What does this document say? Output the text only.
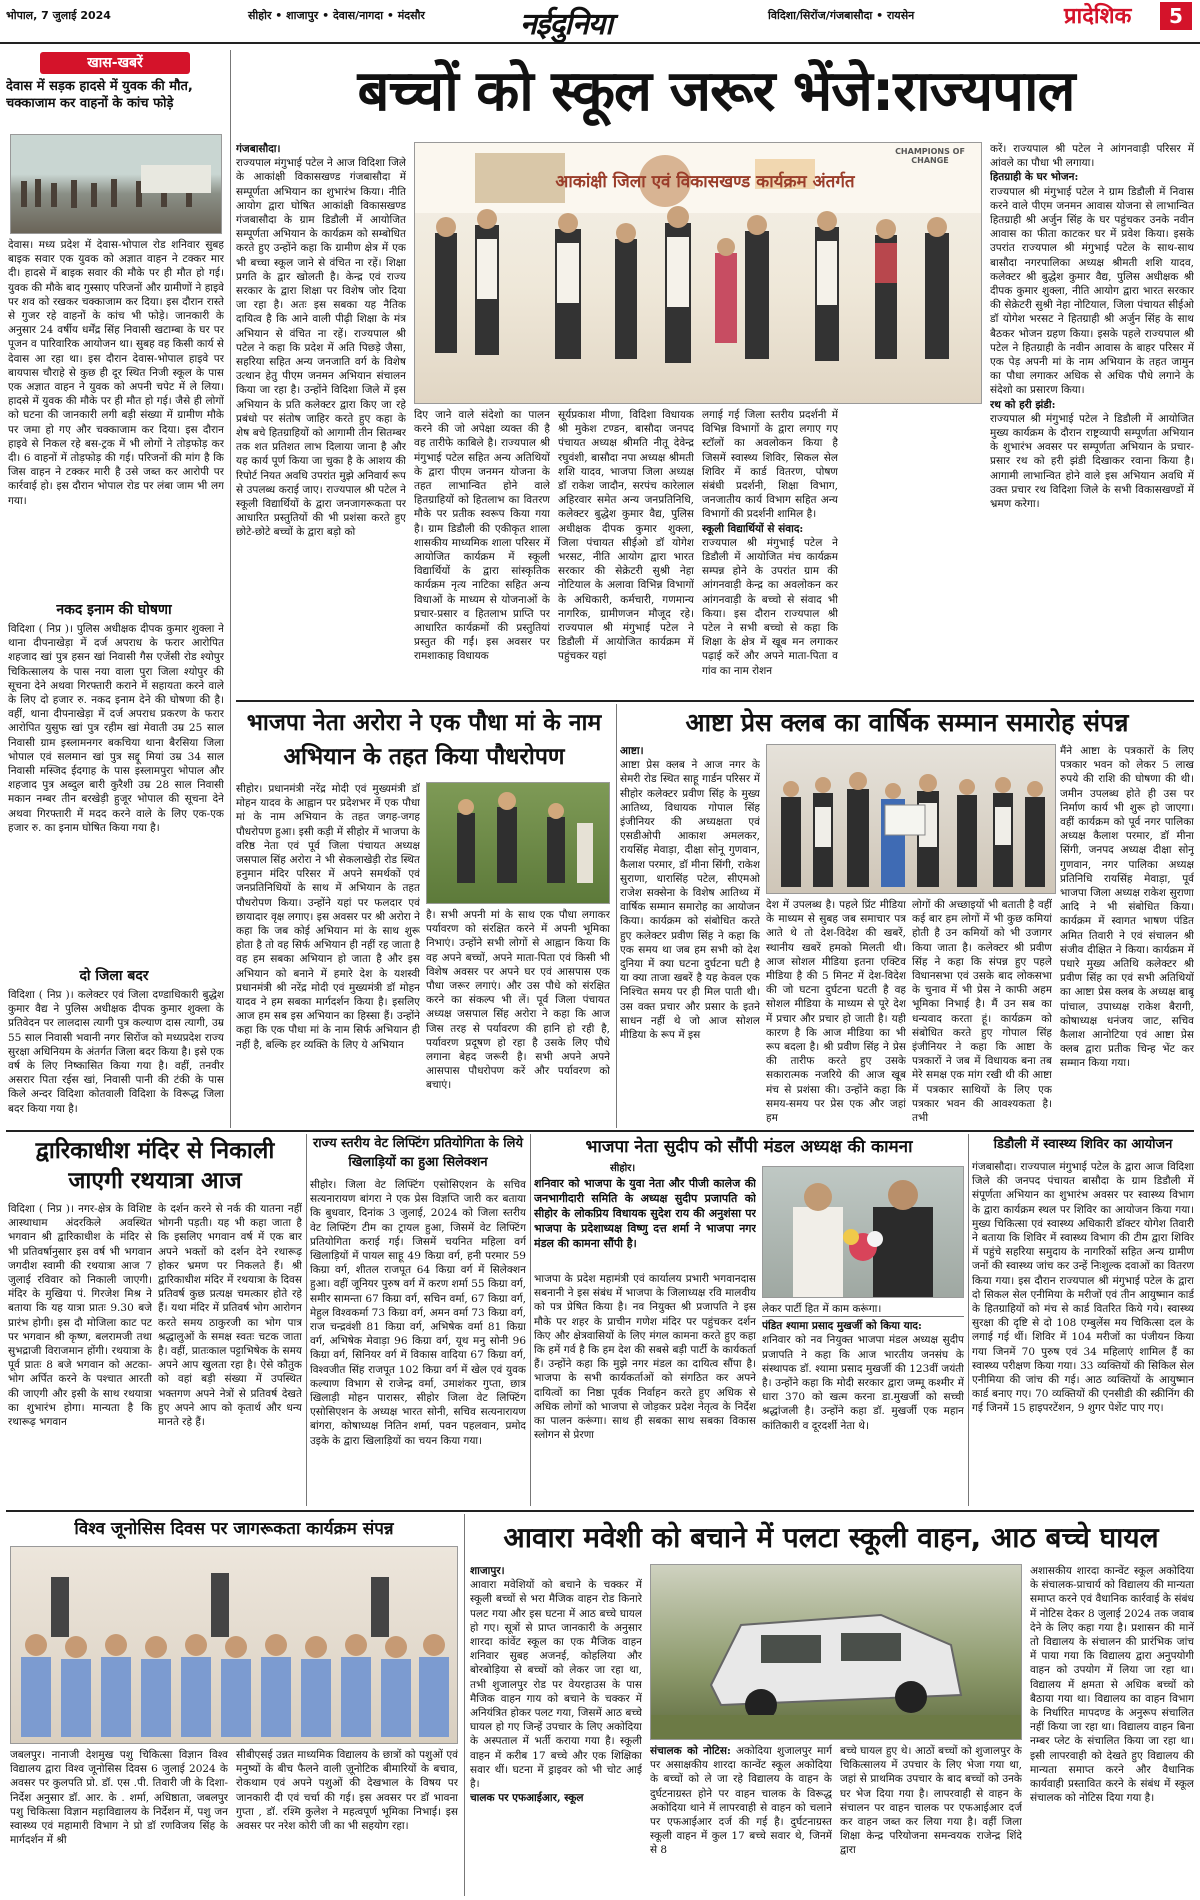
भोपाल, 7 जुलाई 2024	सीहोर • शाजापुर • देवास/नागदा • मंदसौर	नईदुनिया	विदिशा/सिरोंज/गंजबासौदा • रायसेन	प्रादेशिक	5
खास-खबरें
देवास में सड़क हादसे में युवक की मौत, चक्काजाम कर वाहनों के कांच फोड़े
देवास। मध्य प्रदेश में देवास-भोपाल रोड शनिवार सुबह बाइक सवार एक युवक को अज्ञात वाहन ने टक्कर मार दी। हादसे में बाइक सवार की मौके पर ही मौत हो गई। युवक की मौके बाद गुस्साए परिजनों और ग्रामीणों ने हाइवे पर शव को रखकर चक्काजाम कर दिया। इस दौरान रास्ते से गुजर रहे वाहनों के कांच भी फोड़े। जानकारी के अनुसार 24 वर्षीय धर्मेंद्र सिंह निवासी खटाम्बा के घर पर पूजन व पारिवारिक आयोजन था। सुबह वह किसी कार्य से देवास आ रहा था। इस दौरान देवास-भोपाल हाइवे पर बायपास चौराहे से कुछ ही दूर स्थित निजी स्कूल के पास एक अज्ञात वाहन ने युवक को अपनी चपेट में ले लिया। हादसे में युवक की मौके पर ही मौत हो गई। जैसे ही लोगों को घटना की जानकारी लगी बड़ी संख्या में ग्रामीण मौके पर जमा हो गए और चक्काजाम कर दिया। इस दौरान हाइवे से निकल रहे बस-ट्रक में भी लोगों ने तोड़फोड़ कर दी। 6 वाहनों में तोड़फोड़ की गई। परिजनों की मांग है कि जिस वाहन ने टक्कर मारी है उसे जब्त कर आरोपी पर कार्रवाई हो। इस दौरान भोपाल रोड पर लंबा जाम भी लग गया।
नकद इनाम की घोषणा
विदिशा ( निप्र )। पुलिस अधीक्षक दीपक कुमार शुक्ला ने थाना दीपनाखेड़ा में दर्ज अपराध के फरार आरोपित शहजाद खां पुत्र हसन खां निवासी गैस एजेंसी रोड श्योपुर चिकित्सालय के पास नया वाला पुरा जिला श्योपुर की सूचना देने अथवा गिरफ्तारी कराने में सहायता करने वाले के लिए दो हजार रु. नकद इनाम देने की घोषणा की है। वहीं, थाना दीपनाखेड़ा में दर्ज अपराध प्रकरण के फरार आरोपित युसुफ खां पुत्र रहीम खां मेवाती उम्र 25 साल निवासी ग्राम इस्लामनगर बकचिया थाना बैरसिया जिला भोपाल एवं सलमान खां पुत्र सद्दू मियां उम्र 34 साल निवासी मस्जिद ईदगाह के पास इस्लामपुरा भोपाल और शहजाद पुत्र अब्दुल बारी कुरैशी उम्र 28 साल निवासी मकान नम्बर तीन बरखेड़ी हुजूर भोपाल की सूचना देने अथवा गिरफ्तारी में मदद करने वाले के लिए एक-एक हजार रु. का इनाम घोषित किया गया है।
दो जिला बदर
विदिशा ( निप्र )। कलेक्टर एवं जिला दण्डाधिकारी बुद्धेश कुमार वैद्य ने पुलिस अधीक्षक दीपक कुमार शुक्ला के प्रतिवेदन पर लालदास त्यागी पुत्र कल्याण दास त्यागी, उम्र 55 साल निवासी भवानी नगर सिरोंज को मध्यप्रदेश राज्य सुरक्षा अधिनियम के अंतर्गत जिला बदर किया है। इसे एक वर्ष के लिए निष्कासित किया गया है। वहीं, तनवीर असरार पिता रईस खां, निवासी पानी की टंकी के पास किले अन्दर विदिशा कोतवाली विदिशा के विरूद्ध जिला बदर किया गया है।
बच्चों को स्कूल जरूर भेंजे:राज्यपाल
गंजबासौदा।
राज्यपाल मंगुभाई पटेल ने आज विदिशा जिले के आकांक्षी विकासखण्ड गंजबासौदा में सम्पूर्णता अभियान का शुभारंभ किया। नीति आयोग द्वारा घोषित आकांक्षी विकासखण्ड गंजबासौदा के ग्राम डिडौली में आयोजित सम्पूर्णता अभियान के कार्यक्रम को सम्बोधित करते हुए उन्होंने कहा कि ग्रामीण क्षेत्र में एक भी बच्चा स्कूल जाने से वंचित ना रहें। शिक्षा प्रगति के द्वार खोलती है। केन्द्र एवं राज्य सरकार के द्वारा शिक्षा पर विशेष जोर दिया जा रहा है। अतः इस सबका यह नैतिक दायित्व है कि आने वाली पीढ़ी शिक्षा के मंत्र अभियान से वंचित ना रहें। राज्यपाल श्री पटेल ने कहा कि प्रदेश में अति पिछड़े जैसा, सहरिया सहित अन्य जनजाति वर्ग के विशेष उत्थान हेतु पीएम जनमन अभियान संचालन किया जा रहा है। उन्होंने विदिशा जिले में इस अभियान के प्रति कलेक्टर द्वारा किए जा रहे प्रबंधो पर संतोष जाहिर करते हुए कहा के शेष बचे हितग्राहियों को आगामी तीन सितम्बर तक शत प्रतिशत लाभ दिलाया जाना है और यह कार्य पूर्ण किया जा चुका है के आशय की रिपोर्ट नियत अवधि उपरांत मुझे अनिवार्य रूप से उपलब्ध कराई जाए। राज्यपाल श्री पटेल ने स्कूली विद्यार्थियों के द्वारा जनजागरूकता पर आधारित प्रस्तुतियों की भी प्रशंसा करते हुए छोटे-छोटे बच्चों के द्वारा बड़ो को
आकांक्षी जिला एवं विकासखण्ड कार्यक्रम अंतर्गत
CHAMPIONS OF CHANGE
दिए जाने वाले संदेशो का पालन करने की जो अपेक्षा व्यक्त की है वह तारीफे काबिले है। राज्यपाल श्री मंगुभाई पटेल सहित अन्य अतिथियों के द्वारा पीएम जनमन योजना के तहत लाभान्वित होने वाले हितग्राहियों को हितलाभ का वितरण मौके पर प्रतीक स्वरूप किया गया है। ग्राम डिडौली की एकीकृत शाला शासकीय माध्यमिक शाला परिसर में आयोजित कार्यक्रम में स्कूली विद्यार्थियों के द्वारा सांस्कृतिक कार्यक्रम नृत्य नाटिका सहित अन्य विधाओं के माध्यम से योजनाओं के प्रचार-प्रसार व हितलाभ प्राप्ति पर आधारित कार्यक्रमों की प्रस्तुतियां प्रस्तुत की गईं। इस अवसर पर रामशाकाह विधायक
सूर्यप्रकाश मीणा, विदिशा विधायक श्री मुकेश टण्डन, बासौदा जनपद पंचायत अध्यक्ष श्रीमति नीतू देवेन्द्र रघुवंशी, बासौदा नपा अध्यक्ष श्रीमती शशि यादव, भाजपा जिला अध्यक्ष डॉ राकेश जादौन, सरपंच कारेलाल अहिरवार समेत अन्य जनप्रतिनिधि, कलेक्टर बुद्धेश कुमार वैद्य, पुलिस अधीक्षक दीपक कुमार शुक्ला, जिला पंचायत सीईओ डॉ योगेश भरसट, नीति आयोग द्वारा भारत सरकार की सेक्रेटरी सुश्री नेहा नोटियाल के अलावा विभिन्न विभागों के अधिकारी, कर्मचारी, गणमान्य नागरिक, ग्रामीणजन मौजूद रहे। राज्यपाल श्री मंगुभाई पटेल ने डिडौली में आयोजित कार्यक्रम में पहुंचकर यहां
लगाई गई जिला स्तरीय प्रदर्शनी में विभिन्न विभागों के द्वारा लगाए गए स्टॉलों का अवलोकन किया है जिसमें स्वास्थ्य शिविर, सिकल सेल शिविर में कार्ड वितरण, पोषण संबंधी प्रदर्शनी, शिक्षा विभाग, जनजातीय कार्य विभाग सहित अन्य विभागों की प्रदर्शनी शामिल है।
स्कूली विद्यार्थियों से संवाद:
राज्यपाल श्री मंगुभाई पटेल ने डिडौली में आयोजित मंच कार्यक्रम सम्पन्न होने के उपरांत ग्राम की आंगनवाड़ी केन्द्र का अवलोकन कर आंगनवाड़ी के बच्चो से संवाद भी किया। इस दौरान राज्यपाल श्री पटेल ने सभी बच्चो से कहा कि शिक्षा के क्षेत्र में खूब मन लगाकर पढ़ाई करें और अपने माता-पिता व गांव का नाम रोशन
करें। राज्यपाल श्री पटेल ने आंगनवाड़ी परिसर में आंवले का पौधा भी लगाया।
हितग्राही के घर भोजन:
राज्यपाल श्री मंगुभाई पटेल ने ग्राम डिडौली में निवास करने वाले पीएम जनमन आवास योजना से लाभान्वित हितग्राही श्री अर्जुन सिंह के घर पहुंचकर उनके नवीन आवास का फीता काटकर घर में प्रवेश किया। इसके उपरांत राज्यपाल श्री मंगुभाई पटेल के साथ-साथ बासौदा नगरपालिका अध्यक्ष श्रीमती शशि यादव, कलेक्टर श्री बुद्धेश कुमार वैद्य, पुलिस अधीक्षक श्री दीपक कुमार शुक्ला, नीति आयोग द्वारा भारत सरकार की सेक्रेटरी सुश्री नेहा नोटियाल, जिला पंचायत सीईओ डॉ योगेश भरसट ने हितग्राही श्री अर्जुन सिंह के साथ बैठकर भोजन ग्रहण किया। इसके पहले राज्यपाल श्री पटेल ने हितग्राही के नवीन आवास के बाहर परिसर में एक पेड़ अपनी मां के नाम अभियान के तहत जामुन का पौधा लगाकर अधिक से अधिक पौधे लगाने के संदेशो का प्रसारण किया।
रथ को हरी झंडी:
राज्यपाल श्री मंगुभाई पटेल ने डिडौली में आयोजित मुख्य कार्यक्रम के दौरान राष्ट्रव्यापी सम्पूर्णता अभियान के शुभारंभ अवसर पर सम्पूर्णता अभियान के प्रचार-प्रसार रथ को हरी झंडी दिखाकर रवाना किया है। आगामी लाभान्वित होने वाले इस अभियान अवधि में उक्त प्रचार रथ विदिशा जिले के सभी विकासखण्डों में भ्रमण करेगा।
भाजपा नेता अरोरा ने एक पौधा मां के नाम अभियान के तहत किया पौधरोपण
सीहोर। प्रधानमंत्री नरेंद्र मोदी एवं मुख्यमंत्री डॉ मोहन यादव के आह्वान पर प्रदेशभर में एक पौधा मां के नाम अभियान के तहत जगह-जगह पौधरोपण हुआ। इसी कड़ी में सीहोर में भाजपा के वरिष्ठ नेता एवं पूर्व जिला पंचायत अध्यक्ष जसपाल सिंह अरोरा ने भी सेकलाखेड़ी रोड स्थित हनुमान मंदिर परिसर में अपने समर्थकों एवं जनप्रतिनिधियों के साथ में अभियान के तहत पौधरोपण किया। उन्होंने यहां पर फलदार एवं छायादार वृक्ष लगाए। इस अवसर पर श्री अरोरा ने कहा कि जब कोई अभियान मां के साथ शुरू होता है तो वह सिर्फ अभियान ही नहीं रह जाता है वह हम सबका अभियान हो जाता है और इस अभियान को बनाने में हमारे देश के यशस्वी प्रधानमंत्री श्री नरेंद्र मोदी एवं मुख्यमंत्री डॉ मोहन यादव ने हम सबका मार्गदर्शन किया है। इसलिए आज हम सब इस अभियान का हिस्सा हैं। उन्होंने कहा कि एक पौधा मां के नाम सिर्फ अभियान ही नहीं है, बल्कि हर व्यक्ति के लिए ये अभियान
है। सभी अपनी मां के साथ एक पौधा लगाकर पर्यावरण को संरक्षित करने में अपनी भूमिका निभाएं। उन्होंने सभी लोगों से आह्वान किया कि वह अपने बच्चों, अपने माता-पिता एवं किसी भी विशेष अवसर पर अपने घर एवं आसपास एक पौधा जरूर लगाएं। और उस पौधे को संरक्षित करने का संकल्प भी लें। पूर्व जिला पंचायत अध्यक्ष जसपाल सिंह अरोरा ने कहा कि आज जिस तरह से पर्यावरण की हानि हो रही है, पर्यावरण प्रदूषण हो रहा है उसके लिए पौधे लगाना बेहद जरूरी है। सभी अपने अपने आसपास पौधरोपण करें और पर्यावरण को बचाएं।
आष्टा प्रेस क्लब का वार्षिक सम्मान समारोह संपन्न
आष्टा।
आष्टा प्रेस क्लब ने आज नगर के सेमरी रोड स्थित साहू गार्डन परिसर में सीहोर कलेक्टर प्रवीण सिंह के मुख्य आतिथ्य, विधायक गोपाल सिंह इंजीनियर की अध्यक्षता एवं एसडीओपी आकाश अमलकर, रायसिंह मेवाड़ा, दीक्षा सोनू गुणवान, कैलाश परमार, डॉ मीना सिंगी, राकेश सुराणा, धारासिंह पटेल, सीएमओ राजेश सक्सेना के विशेष आतिथ्य में वार्षिक सम्मान समारोह का आयोजन किया। कार्यक्रम को संबोधित करते हुए कलेक्टर प्रवीण सिंह ने कहा कि एक समय था जब हम सभी को देश दुनिया में क्या घटना दुर्घटना घटी है या क्या ताजा खबरें है यह केवल एक निश्चित समय पर ही मिल पाती थी। उस वक्त प्रचार और प्रसार के इतने साधन नहीं थे जो आज सोशल मीडिया के रूप में इस
देश में उपलब्ध है। पहले प्रिंट मीडिया के माध्यम से सुबह जब समाचार पत्र आते थे तो देश-विदेश की खबरें, स्थानीय खबरें हमको मिलती थी। आज सोशल मीडिया इतना एक्टिव मीडिया है की 5 मिनट में देश-विदेश की जो घटना दुर्घटना घटती है वह सोशल मीडिया के माध्यम से पूरे देश में प्रचार और प्रचार हो जाती है। यही कारण है कि आज मीडिया का भी रूप बदला है। श्री प्रवीण सिंह ने प्रेस की तारीफ करते हुए उसके सकारात्मक नजरिये की आज खूब मंच से प्रशंसा की। उन्होंने कहा कि समय-समय पर प्रेस एक और जहां हम
लोगों की अच्छाइयों भी बताती है वहीं कई बार हम लोगों में भी कुछ कमियां होती है उन कमियों को भी उजागर किया जाता है। कलेक्टर श्री प्रवीण सिंह ने कहा कि संपन्न हुए पहले विधानसभा एवं उसके बाद लोकसभा के चुनाव में भी प्रेस ने काफी अहम भूमिका निभाई है। मैं उन सब का धन्यवाद करता हूं। कार्यक्रम को संबोधित करते हुए गोपाल सिंह इंजीनियर ने कहा कि आष्टा के पत्रकारों ने जब में विधायक बना तब मेरे समक्ष एक मांग रखी थी की आष्टा में पत्रकार साथियों के लिए एक पत्रकार भवन की आवश्यकता है। तभी
मैंने आष्टा के पत्रकारों के लिए पत्रकार भवन को लेकर 5 लाख रुपये की राशि की घोषणा की थी। जमीन उपलब्ध होते ही उस पर निर्माण कार्य भी शुरू हो जाएगा। वहीं कार्यक्रम को पूर्व नगर पालिका अध्यक्ष कैलाश परमार, डॉ मीना सिंगी, जनपद अध्यक्ष दीक्षा सोनू गुणवान, नगर पालिका अध्यक्ष प्रतिनिधि रायसिंह मेवाड़ा, पूर्व भाजपा जिला अध्यक्ष राकेश सुराणा आदि ने भी संबोधित किया। कार्यक्रम में स्वागत भाषण पंडित अमित तिवारी ने एवं संचालन श्री संजीव दीक्षित ने किया। कार्यक्रम में पधारे मुख्य अतिथि कलेक्टर श्री प्रवीण सिंह का एवं सभी अतिथियों का आष्टा प्रेस क्लब के अध्यक्ष बाबू पांचाल, उपाध्यक्ष राकेश बैरागी, कोषाध्यक्ष धनंजय जाट, सचिव कैलाश आनोटिया एवं आष्टा प्रेस क्लब द्वारा प्रतीक चिन्ह भेंट कर सम्मान किया गया।
द्वारिकाधीश मंदिर से निकाली जाएगी रथयात्रा आज
विदिशा ( निप्र )। नगर-क्षेत्र के विशिष्ट आस्थाधाम अंदरकिले अवस्थित भगवान श्री द्वारिकाधीश के मंदिर से भी प्रतिवर्षानुसार इस वर्ष भी भगवान जगदीश स्वामी की रथयात्रा आज 7 जुलाई रविवार को निकाली जाएगी। मंदिर के मुखिया पं. गिरजेश मिश्र ने बताया कि यह यात्रा प्रातः 9.30 बजे प्रारंभ होगी। इस दौ मोजिला काट पट पर भगवान श्री कृष्ण, बलरामजी तथा सुभद्राजी विराजमान होंगी। रथयात्रा के पूर्व प्रातः 8 बजे भगवान को अटका-भोग अर्पित करने के पश्चात आरती की जाएगी और इसी के साथ रथयात्रा का शुभारंभ होगा। मान्यता है कि रथारूढ़ भगवान
के दर्शन करने से नर्क की यातना नहीं भोगनी पड़ती। यह भी कहा जाता है कि इसलिए भगवान वर्ष में एक बार अपने भक्तों को दर्शन देने रथारूढ़ होकर भ्रमण पर निकलते हैं। श्री द्वारिकाधीश मंदिर में रथयात्रा के दिवस प्रतिवर्ष कुछ प्रत्यक्ष चमत्कार होते रहे हैं। यथा मंदिर में प्रतिवर्ष भोग आरोगन करते समय ठाकुरजी का भोग पात्र श्रद्धालुओं के समक्ष स्वतः चटक जाता है। वहीं, प्रातःकाल पट्टाभिषेक के समय अपने आप खुलता रहा है। ऐसे कौतुक को वहां बड़ी संख्या में उपस्थित भक्तगण अपने नेत्रों से प्रतिवर्ष देखते हुए अपने आप को कृतार्थ और धन्य मानते रहे हैं।
राज्य स्तरीय वेट लिफ्टिंग प्रतियोगिता के लिये खिलाड़ियों का हुआ सिलेक्शन
सीहोर। जिला वेट लिफ्टिंग एसोसिएशन के सचिव सत्यनारायण बांगरा ने एक प्रेस विज्ञप्ति जारी कर बताया कि बुधवार, दिनांक 3 जुलाई, 2024 को जिला स्तरीय वेट लिफ्टिंग टीम का ट्रायल हुआ, जिसमें वेट लिफ्टिंग प्रतियोगिता कराई गई। जिसमें चयनित महिला वर्ग खिलाड़ियों में पायल साहू 49 किग्रा वर्ग, हनी परमार 59 किग्रा वर्ग, शीतल राजपूत 64 किग्रा वर्ग में सिलेक्शन हुआ। वहीं जूनियर पुरुष वर्ग में करण शर्मा 55 किग्रा वर्ग, समीर सामन्ता 67 किग्रा वर्ग, सचिन वर्मा, 67 किग्रा वर्ग, मेहुल विश्वकर्मा 73 किग्रा वर्ग, अमन वर्मा 73 किग्रा वर्ग, राज चन्द्रवंशी 81 किग्रा वर्ग, अभिषेक वर्मा 81 किग्रा वर्ग, अभिषेक मेवाड़ा 96 किग्रा वर्ग, यूथ मनु सोनी 96 किग्रा वर्ग, सिनियर वर्ग में विकास वादिया 67 किग्रा वर्ग, विश्वजीत सिंह राजपूत 102 किग्रा वर्ग में खेल एवं युवक कल्याण विभाग से राजेन्द्र वर्मा, उमाशंकर गुप्ता, छात्र खिलाड़ी मोहन पारासर, सीहोर जिला वेट लिफ्टिंग एसोसिएशन के अध्यक्ष भारत सोनी, सचिव सत्यनारायण बांगरा, कोषाध्यक्ष नितिन शर्मा, पवन पहलवान, प्रमोद उइके के द्वारा खिलाड़ियों का चयन किया गया।
भाजपा नेता सुदीप को सौंपी मंडल अध्यक्ष की कामना
सीहोर।
शनिवार को भाजपा के युवा नेता और पीजी कालेज की जनभागीदारी समिति के अध्यक्ष सुदीप प्रजापति को सीहोर के लोकप्रिय विधायक सुदेश राय की अनुशंसा पर भाजपा के प्रदेशाध्यक्ष विष्णु दत्त शर्मा ने भाजपा नगर मंडल की कामना सौंपी है।
भाजपा के प्रदेश महामंत्री एवं कार्यालय प्रभारी भगवानदास सबनानी ने इस संबंध में भाजपा के जिलाध्यक्ष रवि मालवीय को पत्र प्रेषित किया है। नव नियुक्त श्री प्रजापति ने इस मौके पर शहर के प्राचीन गणेश मंदिर पर पहुंचकर दर्शन किए और क्षेत्रवासियों के लिए मंगल कामना करते हुए कहा कि हमें गर्व है कि हम देश की सबसे बड़ी पार्टी के कार्यकर्ता हैं। उन्होंने कहा कि मुझे नगर मंडल का दायित्व सौंपा है। भाजपा के सभी कार्यकर्ताओं को संगठित कर अपने दायित्वों का निष्ठा पूर्वक निर्वाहन करते हुए अधिक से अधिक लोगों को भाजपा से जोड़कर प्रदेश नेतृत्व के निर्देश का पालन करूंगा। साथ ही सबका साथ सबका विकास स्लोगन से प्रेरणा
लेकर पार्टी हित में काम करूंगा।
पंडित श्यामा प्रसाद मुखर्जी को किया याद:
शनिवार को नव नियुक्त भाजपा मंडल अध्यक्ष सुदीप प्रजापति ने कहा कि आज भारतीय जनसंघ के संस्थापक डॉ. श्यामा प्रसाद मुखर्जी की 123वीं जयंती है। उन्होंने कहा कि मोदी सरकार द्वारा जम्मू कश्मीर में धारा 370 को खत्म करना डा.मुखर्जी को सच्ची श्रद्धांजली है। उन्होंने कहा डॉ. मुखर्जी एक महान कांतिकारी व दूरदर्शी नेता थे।
डिडौली में स्वास्थ्य शिविर का आयोजन
गंजबासौदा। राज्यपाल मंगुभाई पटेल के द्वारा आज विदिशा जिले की जनपद पंचायत बासौदा के ग्राम डिडौली में संपूर्णता अभियान का शुभारंभ अवसर पर स्वास्थ्य विभाग के द्वारा कार्यक्रम स्थल पर शिविर का आयोजन किया गया। मुख्य चिकित्सा एवं स्वास्थ्य अधिकारी डॉक्टर योगेश तिवारी ने बताया कि शिविर में स्वास्थ्य विभाग की टीम द्वारा शिविर में पहुंचे सहरिया समुदाय के नागरिकों सहित अन्य ग्रामीण जनों की स्वास्थ्य जांच कर उन्हें निःशुल्क दवाओं का वितरण किया गया। इस दौरान राज्यपाल श्री मंगुभाई पटेल के द्वारा दो सिकल सेल एनीमिया के मरीजों एवं तीन आयुष्मान कार्ड के हितग्राहियों को मंच से कार्ड वितरित किये गये। स्वास्थ्य सुरक्षा की दृष्टि से दो 108 एम्बुलेंस मय चिकित्सा दल के लगाई गई थीं। शिविर में 104 मरीजों का पंजीयन किया गया जिनमें 70 पुरुष एवं 34 महिलाएं शामिल हैं का स्वास्थ्य परीक्षण किया गया। 33 व्यक्तियों की सिकिल सेल एनीमिया की जांच की गई। आठ व्यक्तियों के आयुष्मान कार्ड बनाए गए। 70 व्यक्तियों की एनसीडी की स्क्रीनिंग की गई जिनमें 15 हाइपरटेंशन, 9 शुगर पेशेंट पाए गए।
विश्व जूनोसिस दिवस पर जागरूकता कार्यक्रम संपन्न
जबलपुर। नानाजी देशमुख पशु चिकित्सा विज्ञान विश्व विद्यालय द्वारा विश्व जूनोसिस दिवस 6 जुलाई 2024 के अवसर पर कुलपति प्रो. डॉ. एस .पी. तिवारी जी के दिशा-निर्देश अनुसार डॉ. आर. के . शर्मा, अधिष्ठाता, जबलपुर पशु चिकित्सा विज्ञान महाविद्यालय के निर्देशन में, पशु जन स्वास्थ्य एवं महामारी विभाग ने प्रो डॉ रणविजय सिंह के मार्गदर्शन में श्री
सीबीएसई उन्नत माध्यमिक विद्यालय के छात्रों को पशुओं एवं मनुष्यों के बीच फैलने वाली ज़ूनोटिक बीमारियों के बचाव, रोकथाम एवं अपने पशुओं की देखभाल के विषय पर जानकारी दी एवं चर्चा की गई। इस अवसर पर डॉ भावना गुप्ता , डॉ. रश्मि कुलेश ने महत्वपूर्ण भूमिका निभाई। इस अवसर पर नरेश कोरी जी का भी सहयोग रहा।
आवारा मवेशी को बचाने में पलटा स्कूली वाहन, आठ बच्चे घायल
शाजापुर।
आवारा मवेशियों को बचाने के चक्कर में स्कूली बच्चों से भरा मैजिक वाहन रोड किनारे पलट गया और इस घटना में आठ बच्चे घायल हो गए। सूत्रों से प्राप्त जानकारी के अनुसार शारदा कांवेंट स्कूल का एक मैजिक वाहन शनिवार सुबह अजनई, कोहलिया और बोरबोड़िया से बच्चों को लेकर जा रहा था, तभी शुजालपुर रोड पर वेयरहाउस के पास मैजिक वाहन गाय को बचाने के चक्कर में अनियंत्रित होकर पलट गया, जिसमें आठ बच्चे घायल हो गए जिन्हें उपचार के लिए अकोदिया के अस्पताल में भर्ती कराया गया है। स्कूली वाहन में करीब 17 बच्चे और एक शिक्षिका सवार थीं। घटना में ड्राइवर को भी चोट आई है।
चालक पर एफआईआर, स्कूल
संचालक को नोटिस: अकोदिया शुजालपुर मार्ग पर असाक्षकीय शारदा कान्वेंट स्कूल अकोदिया के बच्चों को ले जा रहे विद्यालय के वाहन के दुर्घटनाग्रस्त होने पर वाहन चालक के विरूद्ध अकोदिया थाने में लापरवाही से वाहन को चलाने पर एफआईआर दर्ज की गई है। दुर्घटनाग्रस्त स्कूली वाहन में कुल 17 बच्चे सवार थे, जिनमें से 8
बच्चे घायल हुए थे। आठों बच्चों को शुजालपुर के चिकित्सालय में उपचार के लिए भेजा गया था, जहां से प्राथमिक उपचार के बाद बच्चों को उनके घर भेज दिया गया है। लापरवाही से वाहन के संचालन पर वाहन चालक पर एफआईआर दर्ज कर वाहन जब्त कर लिया गया है। वहीं जिला शिक्षा केन्द्र परियोजना समन्वयक राजेन्द्र शिंदे द्वारा
अशासकीय शारदा कान्वेंट स्कूल अकोदिया के संचालक-प्राचार्य को विद्यालय की मान्यता समाप्त करने एवं वैधानिक कार्रवाई के संबंध में नोटिस देकर 8 जुलाई 2024 तक जवाब देने के लिए कहा गया है। प्रशासन की मानें तो विद्यालय के संचालन की प्रारंभिक जांच में पाया गया कि विद्यालय द्वारा अनुपयोगी वाहन को उपयोग में लिया जा रहा था। विद्यालय में क्षमता से अधिक बच्चों को बैठाया गया था। विद्यालय का वाहन विभाग के निर्धारित मापदण्ड के अनुरूप संचालित नहीं किया जा रहा था। विद्यालय वाहन बिना नम्बर प्लेट के संचालित किया जा रहा था। इसी लापरवाही को देखते हुए विद्यालय की मान्यता समाप्त करने और वैधानिक कार्यवाही प्रस्तावित करने के संबंध में स्कूल संचालक को नोटिस दिया गया है।
